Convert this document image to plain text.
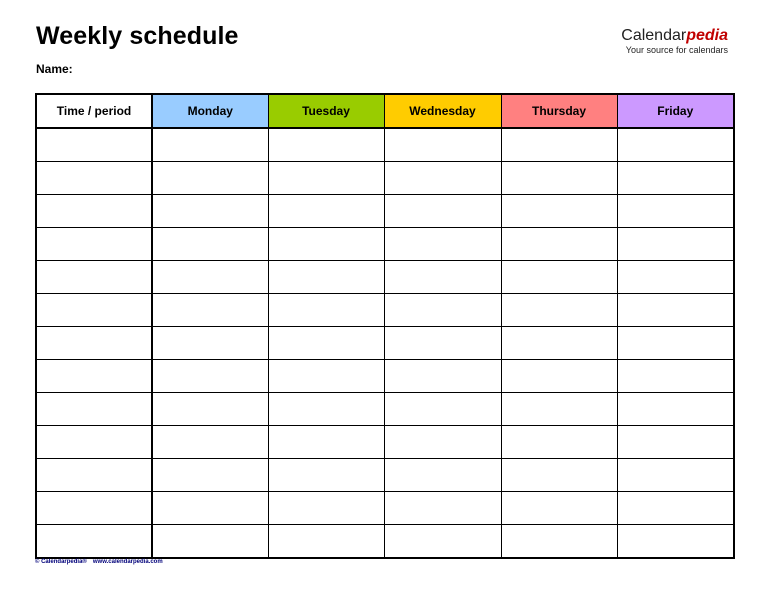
Weekly schedule
Name:
Calendarpedia
Your source for calendars
Time / period	Monday	Tuesday	Wednesday	Thursday	Friday

© Calendarpedia® www.calendarpedia.com
